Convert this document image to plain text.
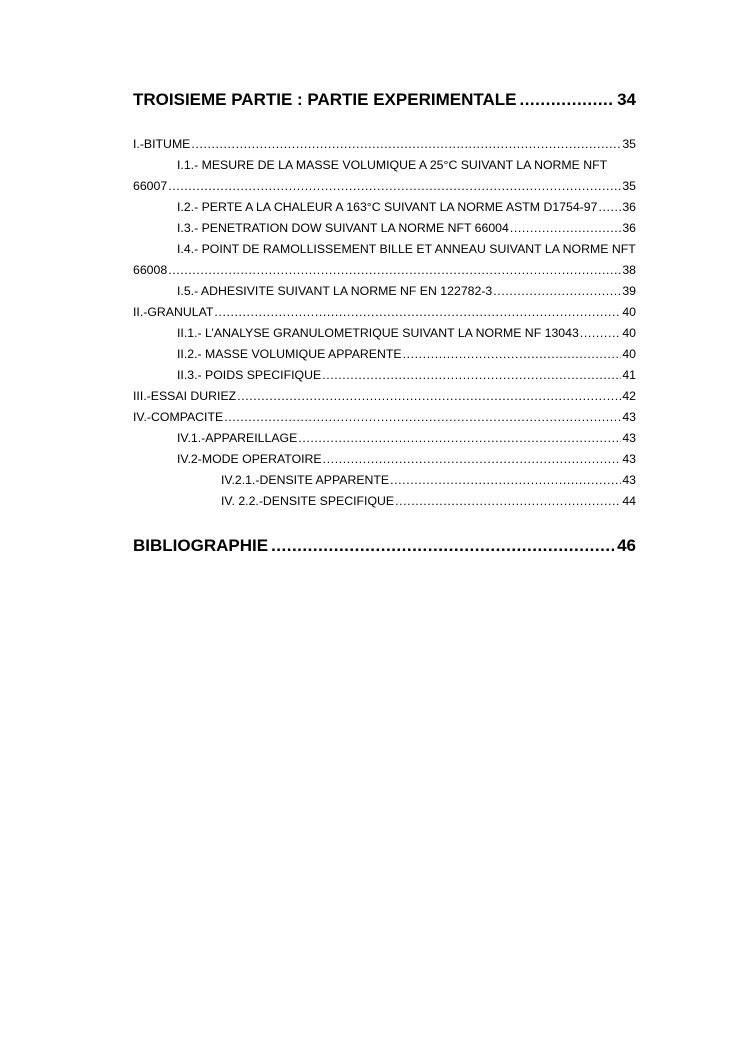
TROISIEME PARTIE : PARTIE EXPERIMENTALE .....	34
I.-BITUME .....	35
I.1.- MESURE DE LA MASSE VOLUMIQUE A 25°C SUIVANT LA NORME NFT
66007 .....	35
I.2.- PERTE A LA CHALEUR A 163°C SUIVANT LA NORME ASTM D1754-97 ..... 36
I.3.- PENETRATION DOW SUIVANT LA NORME NFT 66004 .....	36
I.4.- POINT DE RAMOLLISSEMENT BILLE ET ANNEAU SUIVANT LA NORME NFT
66008 .....	38
I.5.- ADHESIVITE SUIVANT LA NORME NF EN 122782-3 .....	39
II.-GRANULAT .....	40
II.1.- L’ANALYSE GRANULOMETRIQUE SUIVANT LA NORME NF 13043 .....	40
II.2.- MASSE VOLUMIQUE APPARENTE .....	40
II.3.- POIDS SPECIFIQUE .....	41
III.-ESSAI DURIEZ .....	42
IV.-COMPACITE .....	43
IV.1.-APPAREILLAGE .....	43
IV.2-MODE OPERATOIRE .....	43
IV.2.1.-DENSITE APPARENTE .....	43
IV. 2.2.-DENSITE SPECIFIQUE .....	44
BIBLIOGRAPHIE .....	46
